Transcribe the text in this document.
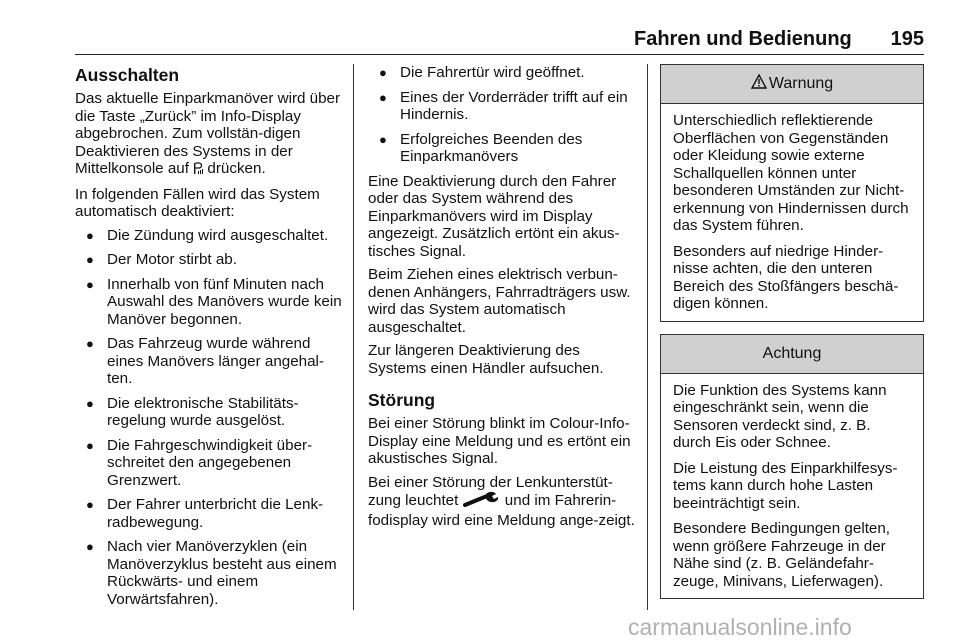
Fahren und Bedienung	195
Ausschalten

Das aktuelle Einparkmanöver wird über die Taste „Zurück” im Info-Display abgebrochen. Zum vollstän-digen Deaktivieren des Systems in der Mittelkonsole auf  drücken.

In folgenden Fällen wird das System automatisch deaktiviert:

● Die Zündung wird ausgeschaltet.
● Der Motor stirbt ab.
● Innerhalb von fünf Minuten nach Auswahl des Manövers wurde kein Manöver begonnen.
● Das Fahrzeug wurde während eines Manövers länger angehal-ten.
● Die elektronische Stabilitäts-regelung wurde ausgelöst.
● Die Fahrgeschwindigkeit über-schreitet den angegebenen Grenzwert.
● Der Fahrer unterbricht die Lenk-radbewegung.
● Nach vier Manöverzyklen (ein Manöverzyklus besteht aus einem Rückwärts- und einem Vorwärtsfahren).
● Die Fahrertür wird geöffnet.
● Eines der Vorderräder trifft auf ein Hindernis.
● Erfolgreiches Beenden des Einparkmanövers

Eine Deaktivierung durch den Fahrer oder das System während des Einparkmanövers wird im Display angezeigt. Zusätzlich ertönt ein akus-tisches Signal.

Beim Ziehen eines elektrisch verbun-denen Anhängers, Fahrradträgers usw. wird das System automatisch ausgeschaltet.

Zur längeren Deaktivierung des Systems einen Händler aufsuchen.

Störung

Bei einer Störung blinkt im Colour-Info-Display eine Meldung und es ertönt ein akustisches Signal.

Bei einer Störung der Lenkunterstüt-zung leuchtet	und im Fahrerin-fodisplay wird eine Meldung ange-zeigt.

Warnung

Unterschiedlich reflektierende Oberflächen von Gegenständen oder Kleidung sowie externe Schallquellen können unter besonderen Umständen zur Nicht-erkennung von Hindernissen durch das System führen.

Besonders auf niedrige Hinder-nisse achten, die den unteren Bereich des Stoßfängers beschä-digen können.

Achtung

Die Funktion des Systems kann eingeschränkt sein, wenn die Sensoren verdeckt sind, z. B. durch Eis oder Schnee.

Die Leistung des Einparkhilfesys-tems kann durch hohe Lasten beeinträchtigt sein.

Besondere Bedingungen gelten, wenn größere Fahrzeuge in der Nähe sind (z. B. Geländefahr-zeuge, Minivans, Lieferwagen).

carmanualsonline.info
